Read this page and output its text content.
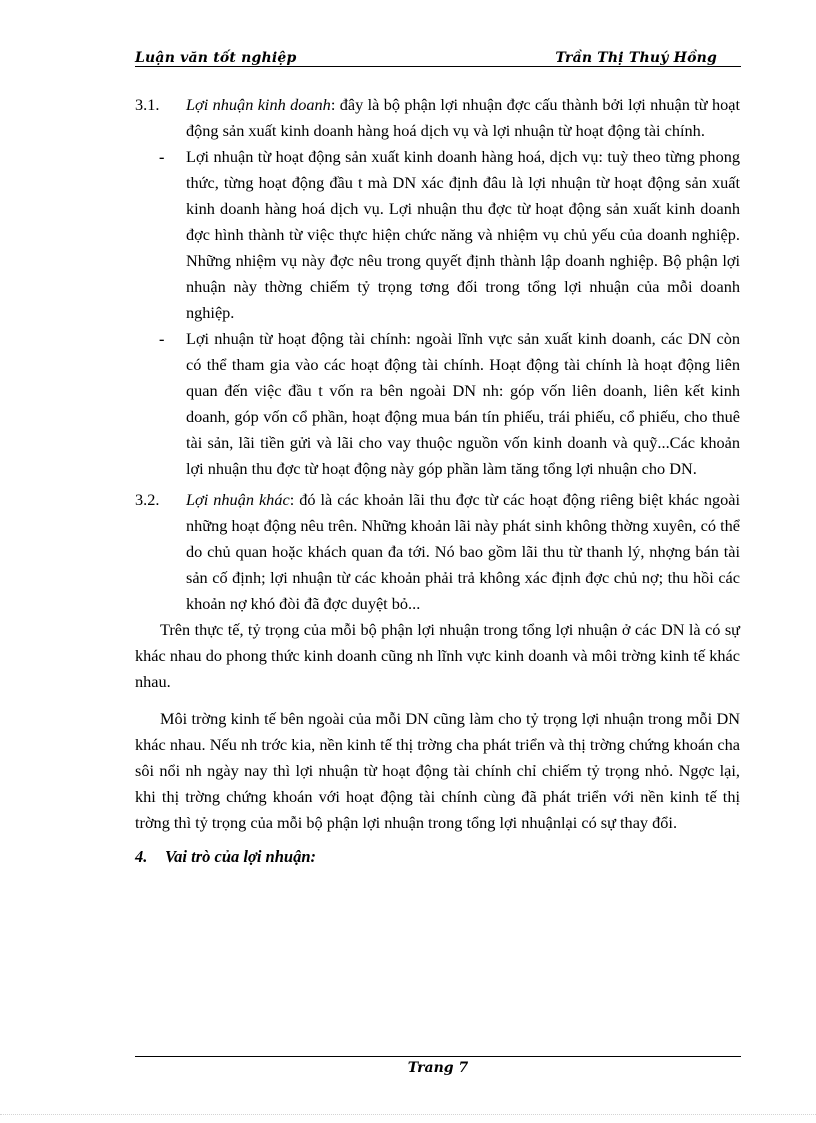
Luận văn tốt nghiệp	Trần Thị Thuý Hồng

3.1. Lợi nhuận kinh doanh: đây là bộ phận lợi nhuận đợc cấu thành bởi lợi nhuận từ hoạt động sản xuất kinh doanh hàng hoá dịch vụ và lợi nhuận từ hoạt động tài chính.

- Lợi nhuận từ hoạt động sản xuất kinh doanh hàng hoá, dịch vụ: tuỳ theo từng phong thức, từng hoạt động đầu t mà DN xác định đâu là lợi nhuận từ hoạt động sản xuất kinh doanh hàng hoá dịch vụ. Lợi nhuận thu đợc từ hoạt động sản xuất kinh doanh đợc hình thành từ việc thực hiện chức năng và nhiệm vụ chủ yếu của doanh nghiệp. Những nhiệm vụ này đợc nêu trong quyết định thành lập doanh nghiệp. Bộ phận lợi nhuận này thờng chiếm tỷ trọng tơng đối trong tổng lợi nhuận của mỗi doanh nghiệp.

- Lợi nhuận từ hoạt động tài chính: ngoài lĩnh vực sản xuất kinh doanh, các DN còn có thể tham gia vào các hoạt động tài chính. Hoạt động tài chính là hoạt động liên quan đến việc đầu t vốn ra bên ngoài DN nh: góp vốn liên doanh, liên kết kinh doanh, góp vốn cổ phần, hoạt động mua bán tín phiếu, trái phiếu, cổ phiếu, cho thuê tài sản, lãi tiền gửi và lãi cho vay thuộc nguồn vốn kinh doanh và quỹ...Các khoản lợi nhuận thu đợc từ hoạt động này góp phần làm tăng tổng lợi nhuận cho DN.

3.2. Lợi nhuận khác: đó là các khoản lãi thu đợc từ các hoạt động riêng biệt khác ngoài những hoạt động nêu trên. Những khoản lãi này phát sinh không thờng xuyên, có thể do chủ quan hoặc khách quan đa tới. Nó bao gồm lãi thu từ thanh lý, nhợng bán tài sản cố định; lợi nhuận từ các khoản phải trả không xác định đợc chủ nợ; thu hồi các khoản nợ khó đòi đã đợc duyệt bỏ...

Trên thực tế, tỷ trọng của mỗi bộ phận lợi nhuận trong tổng lợi nhuận ở các DN là có sự khác nhau do phong thức kinh doanh cũng nh lĩnh vực kinh doanh và môi trờng kinh tế khác nhau.

Môi trờng kinh tế bên ngoài của mỗi DN cũng làm cho tỷ trọng lợi nhuận trong mỗi DN khác nhau. Nếu nh trớc kia, nền kinh tế thị trờng cha phát triển và thị trờng chứng khoán cha sôi nổi nh ngày nay thì lợi nhuận từ hoạt động tài chính chỉ chiếm tỷ trọng nhỏ. Ngợc lại, khi thị trờng chứng khoán với hoạt động tài chính cùng đã phát triển với nền kinh tế thị trờng thì tỷ trọng của mỗi bộ phận lợi nhuận trong tổng lợi nhuậnlại có sự thay đổi.

4. Vai trò của lợi nhuận:
Trang 7
